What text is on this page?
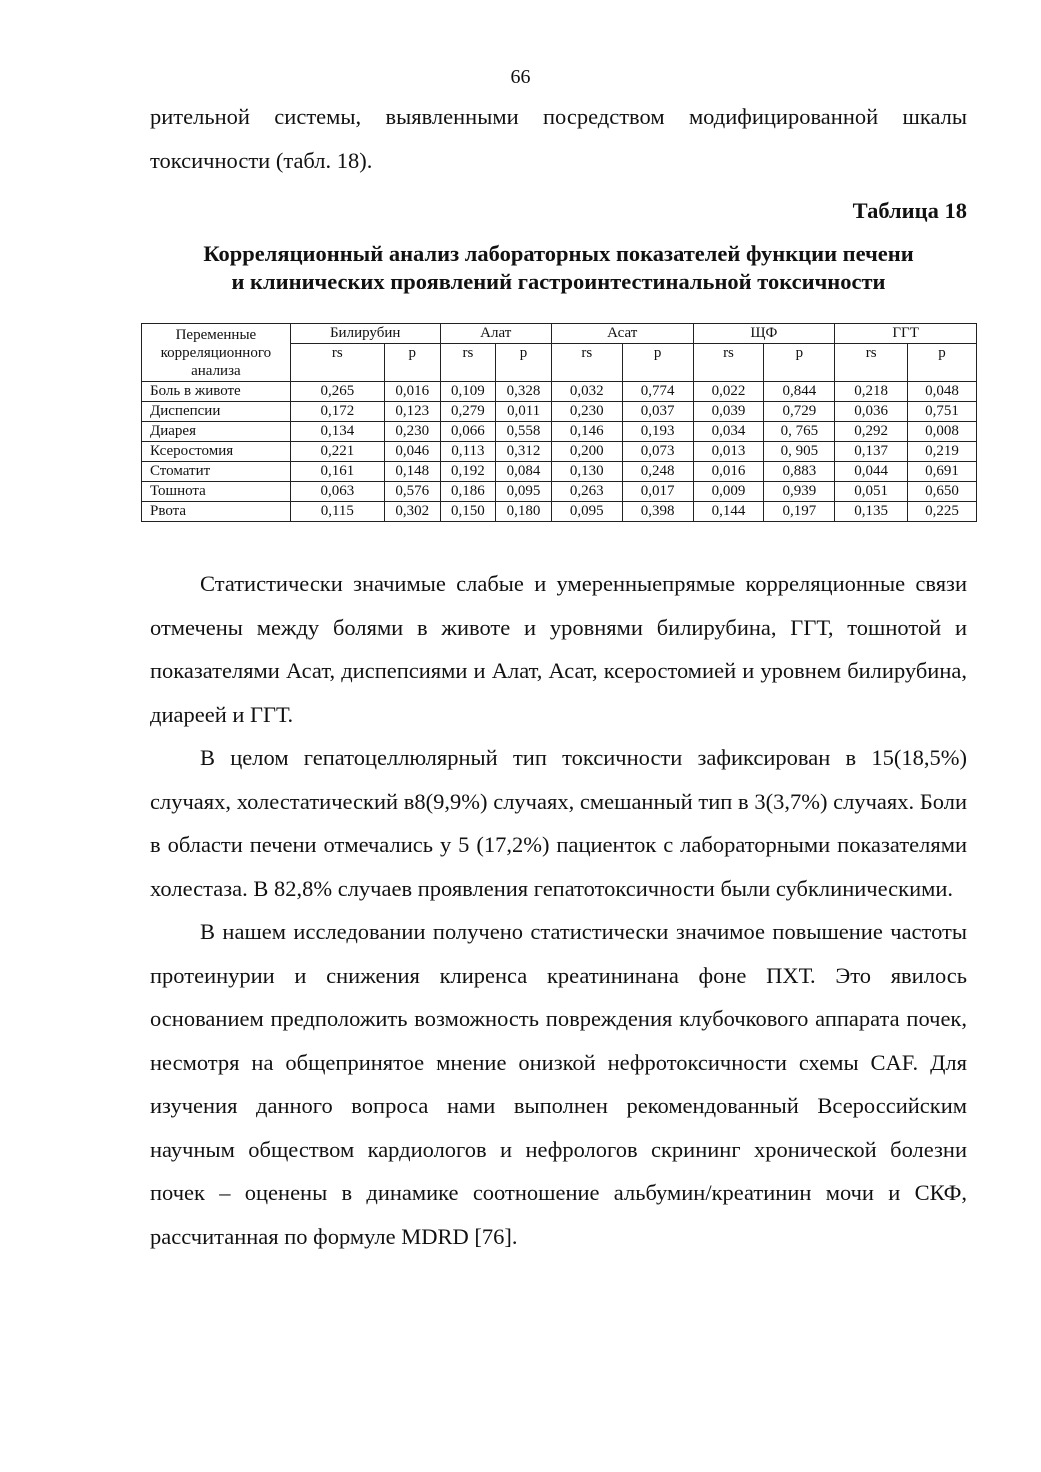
66

рительной системы, выявленными посредством модифицированной шкалы токсичности (табл. 18).

Таблица 18
Корреляционный анализ лабораторных показателей функции печени
и клинических проявлений гастроинтестинальной токсичности
Переменные корреляционного анализа	Билирубин		Алат		Асат		ЩФ		ГГТ	
	rs	p	rs	p	rs	p	rs	p	rs	p
Боль в животе	0,265	0,016	0,109	0,328	0,032	0,774	0,022	0,844	0,218	0,048
Диспепсии	0,172	0,123	0,279	0,011	0,230	0,037	0,039	0,729	0,036	0,751
Диарея	0,134	0,230	0,066	0,558	0,146	0,193	0,034	0, 765	0,292	0,008
Ксеростомия	0,221	0,046	0,113	0,312	0,200	0,073	0,013	0, 905	0,137	0,219
Стоматит	0,161	0,148	0,192	0,084	0,130	0,248	0,016	0,883	0,044	0,691
Тошнота	0,063	0,576	0,186	0,095	0,263	0,017	0,009	0,939	0,051	0,650
Рвота	0,115	0,302	0,150	0,180	0,095	0,398	0,144	0,197	0,135	0,225

Статистически значимые слабые и умеренныепрямые корреляционные связи отмечены между болями в животе и уровнями билирубина, ГГТ, тошнотой и показателями Асат, диспепсиями и Алат, Асат, ксеростомией и уровнем билирубина, диареей и ГГТ.

В целом гепатоцеллюлярный тип токсичности зафиксирован в 15(18,5%) случаях, холестатический в8(9,9%) случаях, смешанный тип в 3(3,7%) случаях. Боли в области печени отмечались у 5 (17,2%) пациенток с лабораторными показателями холестаза. В 82,8% случаев проявления гепатотоксичности были субклиническими.

В нашем исследовании получено статистически значимое повышение частоты протеинурии и снижения клиренса креатининана фоне ПХТ. Это явилось основанием предположить возможность повреждения клубочкового аппарата почек, несмотря на общепринятое мнение онизкой нефротоксичности схемы CAF. Для изучения данного вопроса нами выполнен рекомендованный Всероссийским научным обществом кардиологов и нефрологов скрининг хронической болезни почек – оценены в динамике соотношение альбумин/креатинин мочи и СКФ, рассчитанная по формуле MDRD [76].
